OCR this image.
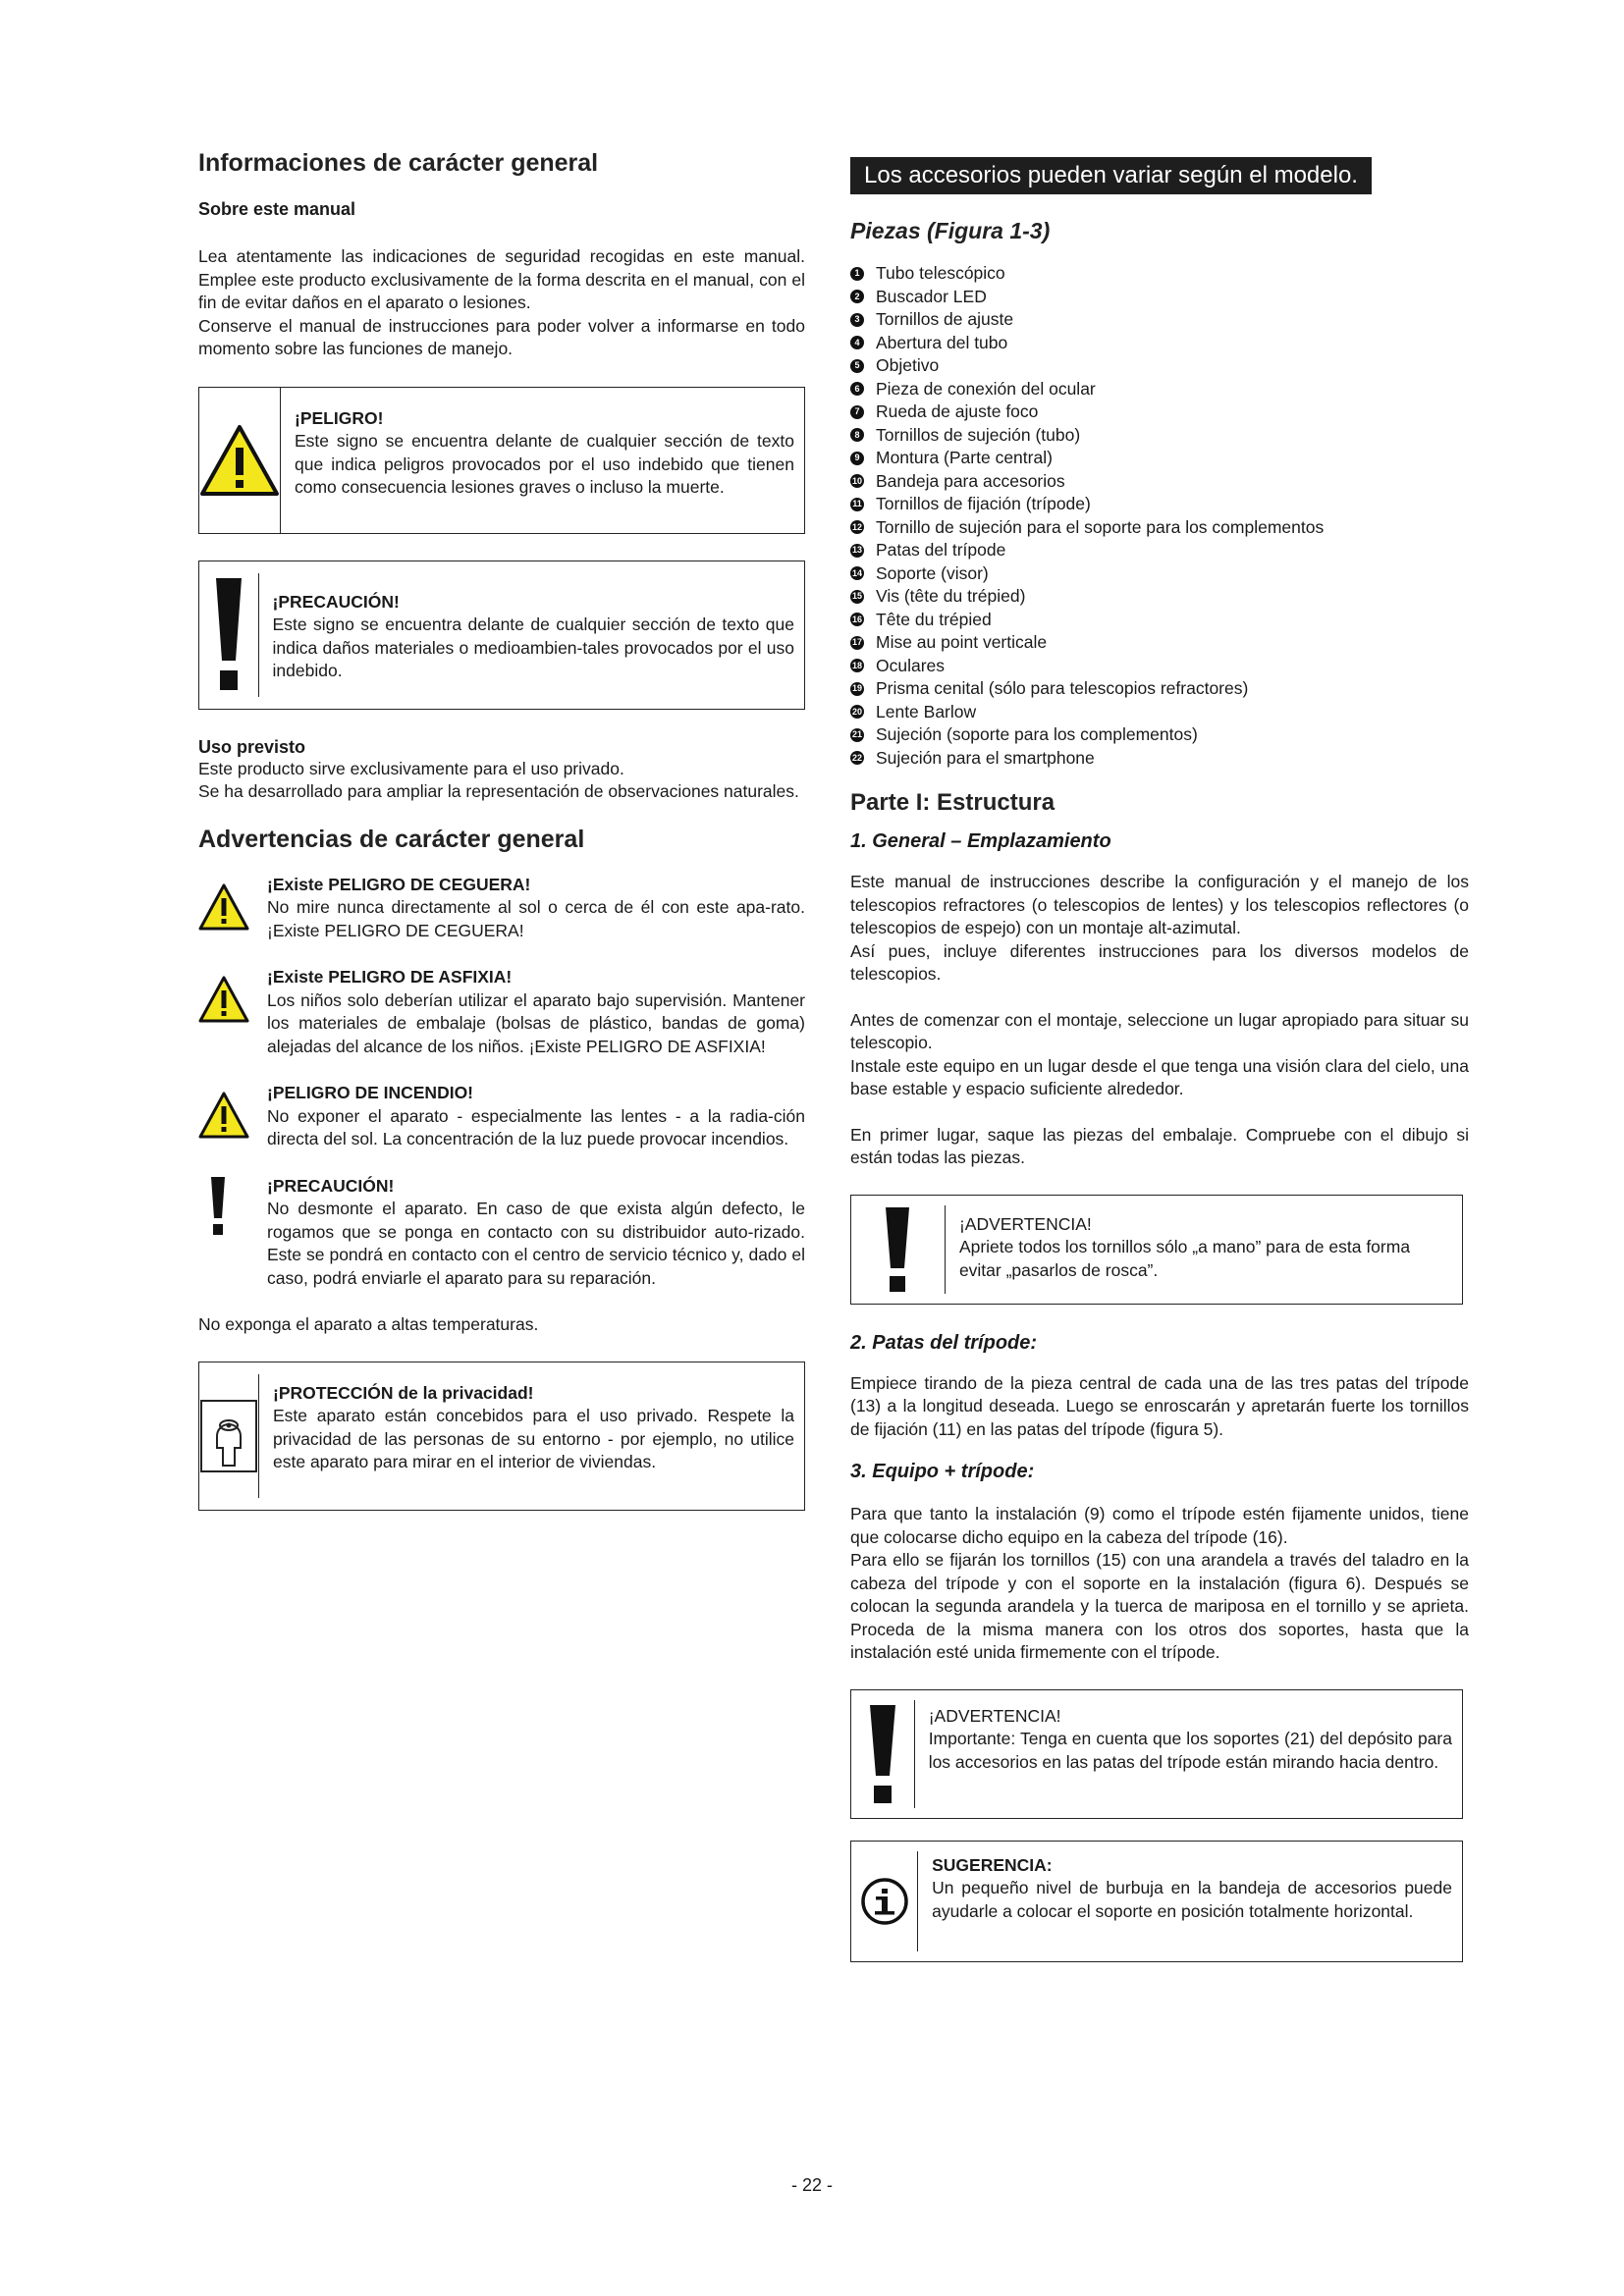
Informaciones de carácter general
Sobre este manual

Lea atentamente las indicaciones de seguridad recogidas en este manual. Emplee este producto exclusivamente de la forma descrita en el manual, con el fin de evitar daños en el aparato o lesiones.

Conserve el manual de instrucciones para poder volver a informarse en todo momento sobre las funciones de manejo.

¡PELIGRO!
Este signo se encuentra delante de cualquier sección de texto que indica peligros provocados por el uso indebido que tienen como consecuencia lesiones graves o incluso la muerte.
¡PRECAUCIÓN!
Este signo se encuentra delante de cualquier sección de texto que indica daños materiales o medioambien-tales provocados por el uso indebido.
Uso previsto

Este producto sirve exclusivamente para el uso privado.

Se ha desarrollado para ampliar la representación de observaciones naturales.

Advertencias de carácter general
¡Existe PELIGRO DE CEGUERA!
No mire nunca directamente al sol o cerca de él con este apa-rato. ¡Existe PELIGRO DE CEGUERA!
¡Existe PELIGRO DE ASFIXIA!
Los niños solo deberían utilizar el aparato bajo supervisión. Mantener los materiales de embalaje (bolsas de plástico, bandas de goma) alejadas del alcance de los niños. ¡Existe PELIGRO DE ASFIXIA!
¡PELIGRO DE INCENDIO!
No exponer el aparato - especialmente las lentes - a la radia-ción directa del sol. La concentración de la luz puede provocar incendios.
¡PRECAUCIÓN!
No desmonte el aparato. En caso de que exista algún defecto, le rogamos que se ponga en contacto con su distribuidor auto-rizado. Este se pondrá en contacto con el centro de servicio técnico y, dado el caso, podrá enviarle el aparato para su reparación.

No exponga el aparato a altas temperaturas.

¡PROTECCIÓN de la privacidad!
Este aparato están concebidos para el uso privado. Respete la privacidad de las personas de su entorno - por ejemplo, no utilice este aparato para mirar en el interior de viviendas.
Los accesorios pueden variar según el modelo.
Piezas (Figura 1-3)
1 Tubo telescópico
2 Buscador LED
3 Tornillos de ajuste
4 Abertura del tubo
5 Objetivo
6 Pieza de conexión del ocular
7 Rueda de ajuste foco
8 Tornillos de sujeción (tubo)
9 Montura (Parte central)
10 Bandeja para accesorios
11 Tornillos de fijación (trípode)
12 Tornillo de sujeción para el soporte para los complementos
13 Patas del trípode
14 Soporte (visor)
15 Vis (tête du trépied)
16 Tête du trépied
17 Mise au point verticale
18 Oculares
19 Prisma cenital (sólo para telescopios refractores)
20 Lente Barlow
21 Sujeción (soporte para los complementos)
22 Sujeción para el smartphone
Parte I: Estructura
1. General – Emplazamiento

Este manual de instrucciones describe la configuración y el manejo de los telescopios refractores (o telescopios de lentes) y los telescopios reflectores (o telescopios de espejo) con un montaje alt-azimutal.

Así pues, incluye diferentes instrucciones para los diversos modelos de telescopios.

Antes de comenzar con el montaje, seleccione un lugar apropiado para situar su telescopio.

Instale este equipo en un lugar desde el que tenga una visión clara del cielo, una base estable y espacio suficiente alrededor.

En primer lugar, saque las piezas del embalaje. Compruebe con el dibujo si están todas las piezas.

¡ADVERTENCIA!
Apriete todos los tornillos sólo „a mano” para de esta forma evitar „pasarlos de rosca”.
2. Patas del trípode:

Empiece tirando de la pieza central de cada una de las tres patas del trípode (13) a la longitud deseada. Luego se enroscarán y apretarán fuerte los tornillos de fijación (11) en las patas del trípode (figura 5).

3. Equipo + trípode:

Para que tanto la instalación (9) como el trípode estén fijamente unidos, tiene que colocarse dicho equipo en la cabeza del trípode (16).

Para ello se fijarán los tornillos (15) con una arandela a través del taladro en la cabeza del trípode y con el soporte en la instalación (figura 6). Después se colocan la segunda arandela y la tuerca de mariposa en el tornillo y se aprieta. Proceda de la misma manera con los otros dos soportes, hasta que la instalación esté unida firmemente con el trípode.

¡ADVERTENCIA!
Importante: Tenga en cuenta que los soportes (21) del depósito para los accesorios en las patas del trípode están mirando hacia dentro.
SUGERENCIA:
Un pequeño nivel de burbuja en la bandeja de accesorios puede ayudarle a colocar el soporte en posición totalmente horizontal.
- 22 -
